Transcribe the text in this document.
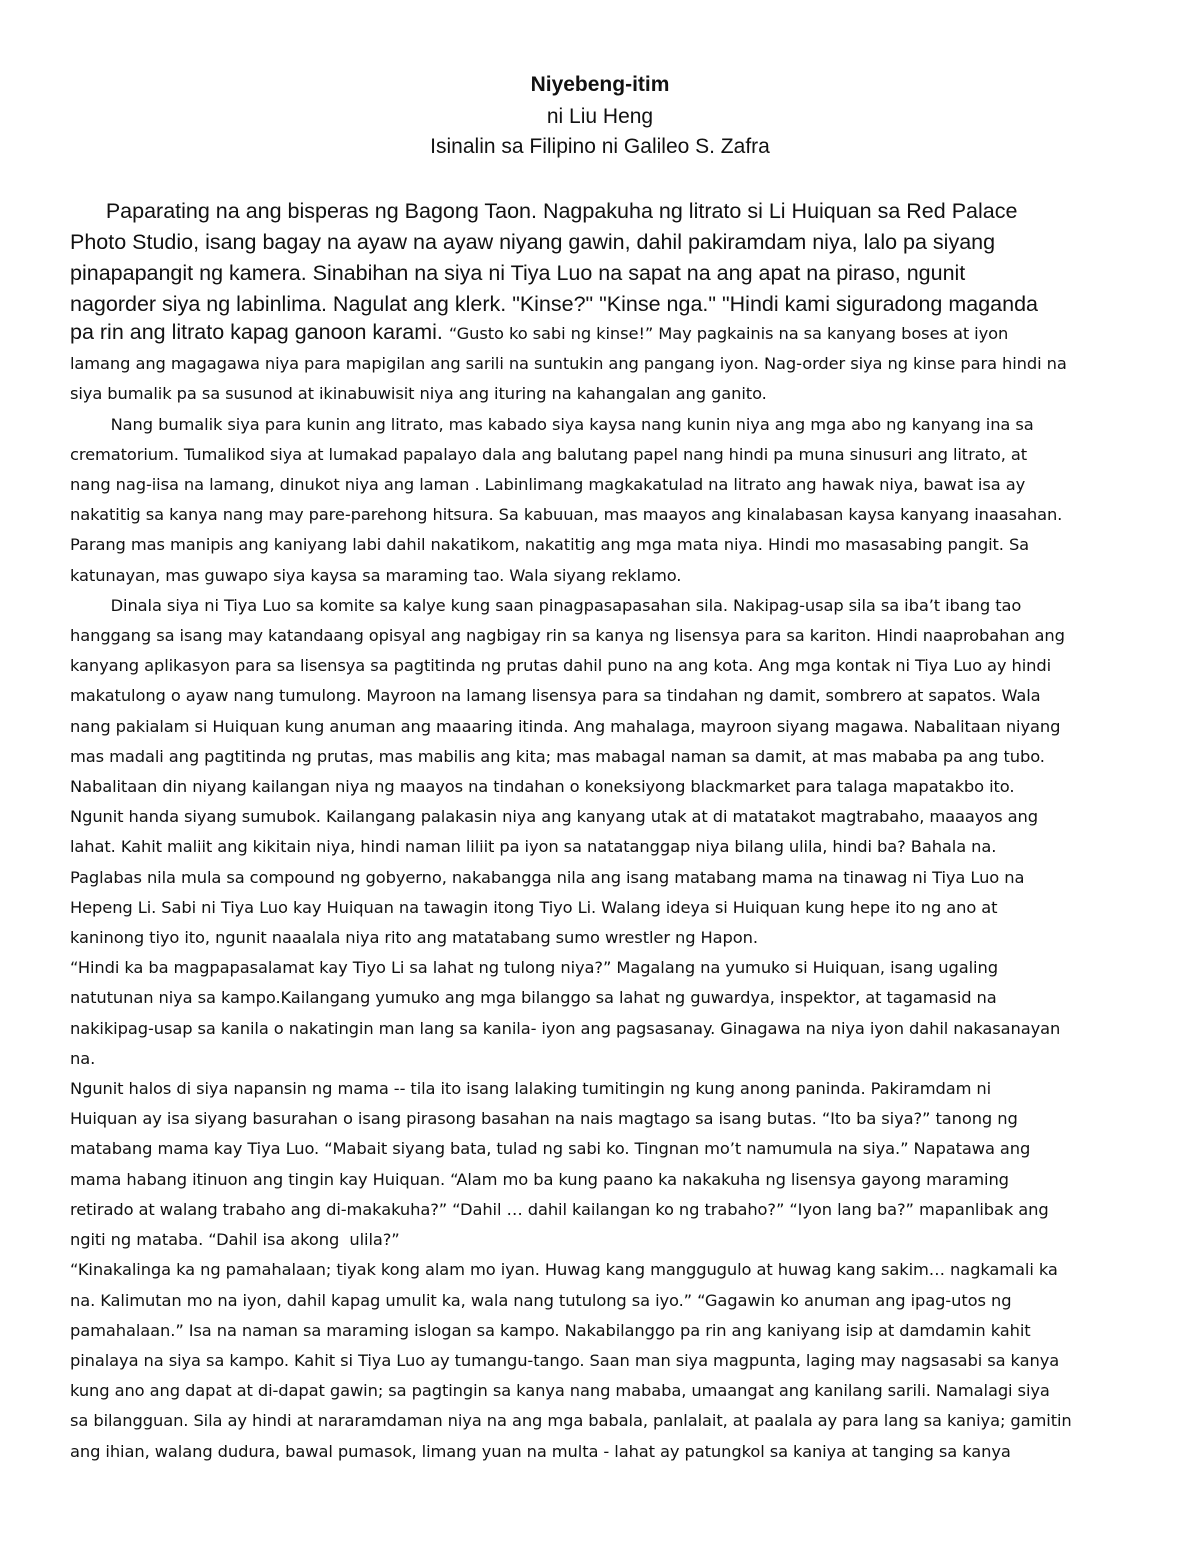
Niyebeng-itim
ni Liu Heng
Isinalin sa Filipino ni Galileo S. Zafra
Paparating na ang bisperas ng Bagong Taon. Nagpakuha ng litrato si Li Huiquan sa Red Palace
Photo Studio, isang bagay na ayaw na ayaw niyang gawin, dahil pakiramdam niya, lalo pa siyang
pinapapangit ng kamera. Sinabihan na siya ni Tiya Luo na sapat na ang apat na piraso, ngunit
nagorder siya ng labinlima. Nagulat ang klerk. "Kinse?" "Kinse nga." "Hindi kami siguradong maganda
pa rin ang litrato kapag ganoon karami. “Gusto ko sabi ng kinse!” May pagkainis na sa kanyang boses at iyon
lamang ang magagawa niya para mapigilan ang sarili na suntukin ang pangang iyon. Nag-order siya ng kinse para hindi na
siya bumalik pa sa susunod at ikinabuwisit niya ang ituring na kahangalan ang ganito.
Nang bumalik siya para kunin ang litrato, mas kabado siya kaysa nang kunin niya ang mga abo ng kanyang ina sa
crematorium. Tumalikod siya at lumakad papalayo dala ang balutang papel nang hindi pa muna sinusuri ang litrato, at
nang nag-iisa na lamang, dinukot niya ang laman . Labinlimang magkakatulad na litrato ang hawak niya, bawat isa ay
nakatitig sa kanya nang may pare-parehong hitsura. Sa kabuuan, mas maayos ang kinalabasan kaysa kanyang inaasahan.
Parang mas manipis ang kaniyang labi dahil nakatikom, nakatitig ang mga mata niya. Hindi mo masasabing pangit. Sa
katunayan, mas guwapo siya kaysa sa maraming tao. Wala siyang reklamo.
Dinala siya ni Tiya Luo sa komite sa kalye kung saan pinagpasapasahan sila. Nakipag-usap sila sa iba’t ibang tao
hanggang sa isang may katandaang opisyal ang nagbigay rin sa kanya ng lisensya para sa kariton. Hindi naaprobahan ang
kanyang aplikasyon para sa lisensya sa pagtitinda ng prutas dahil puno na ang kota. Ang mga kontak ni Tiya Luo ay hindi
makatulong o ayaw nang tumulong. Mayroon na lamang lisensya para sa tindahan ng damit, sombrero at sapatos. Wala
nang pakialam si Huiquan kung anuman ang maaaring itinda. Ang mahalaga, mayroon siyang magawa. Nabalitaan niyang
mas madali ang pagtitinda ng prutas, mas mabilis ang kita; mas mabagal naman sa damit, at mas mababa pa ang tubo.
Nabalitaan din niyang kailangan niya ng maayos na tindahan o koneksiyong blackmarket para talaga mapatakbo ito.
Ngunit handa siyang sumubok. Kailangang palakasin niya ang kanyang utak at di matatakot magtrabaho, maaayos ang
lahat. Kahit maliit ang kikitain niya, hindi naman liliit pa iyon sa natatanggap niya bilang ulila, hindi ba? Bahala na.
Paglabas nila mula sa compound ng gobyerno, nakabangga nila ang isang matabang mama na tinawag ni Tiya Luo na
Hepeng Li. Sabi ni Tiya Luo kay Huiquan na tawagin itong Tiyo Li. Walang ideya si Huiquan kung hepe ito ng ano at
kaninong tiyo ito, ngunit naaalala niya rito ang matatabang sumo wrestler ng Hapon.
“Hindi ka ba magpapasalamat kay Tiyo Li sa lahat ng tulong niya?” Magalang na yumuko si Huiquan, isang ugaling
natutunan niya sa kampo.Kailangang yumuko ang mga bilanggo sa lahat ng guwardya, inspektor, at tagamasid na
nakikipag-usap sa kanila o nakatingin man lang sa kanila- iyon ang pagsasanay. Ginagawa na niya iyon dahil nakasanayan
na.
Ngunit halos di siya napansin ng mama -- tila ito isang lalaking tumitingin ng kung anong paninda. Pakiramdam ni
Huiquan ay isa siyang basurahan o isang pirasong basahan na nais magtago sa isang butas. “Ito ba siya?” tanong ng
matabang mama kay Tiya Luo. “Mabait siyang bata, tulad ng sabi ko. Tingnan mo’t namumula na siya.” Napatawa ang
mama habang itinuon ang tingin kay Huiquan. “Alam mo ba kung paano ka nakakuha ng lisensya gayong maraming
retirado at walang trabaho ang di-makakuha?” “Dahil … dahil kailangan ko ng trabaho?” “Iyon lang ba?” mapanlibak ang
ngiti ng mataba. “Dahil isa akong  ulila?”
“Kinakalinga ka ng pamahalaan; tiyak kong alam mo iyan. Huwag kang manggugulo at huwag kang sakim… nagkamali ka
na. Kalimutan mo na iyon, dahil kapag umulit ka, wala nang tutulong sa iyo.” “Gagawin ko anuman ang ipag-utos ng
pamahalaan.” Isa na naman sa maraming islogan sa kampo. Nakabilanggo pa rin ang kaniyang isip at damdamin kahit
pinalaya na siya sa kampo. Kahit si Tiya Luo ay tumangu-tango. Saan man siya magpunta, laging may nagsasabi sa kanya
kung ano ang dapat at di-dapat gawin; sa pagtingin sa kanya nang mababa, umaangat ang kanilang sarili. Namalagi siya
sa bilangguan. Sila ay hindi at nararamdaman niya na ang mga babala, panlalait, at paalala ay para lang sa kaniya; gamitin
ang ihian, walang dudura, bawal pumasok, limang yuan na multa - lahat ay patungkol sa kaniya at tanging sa kanya
